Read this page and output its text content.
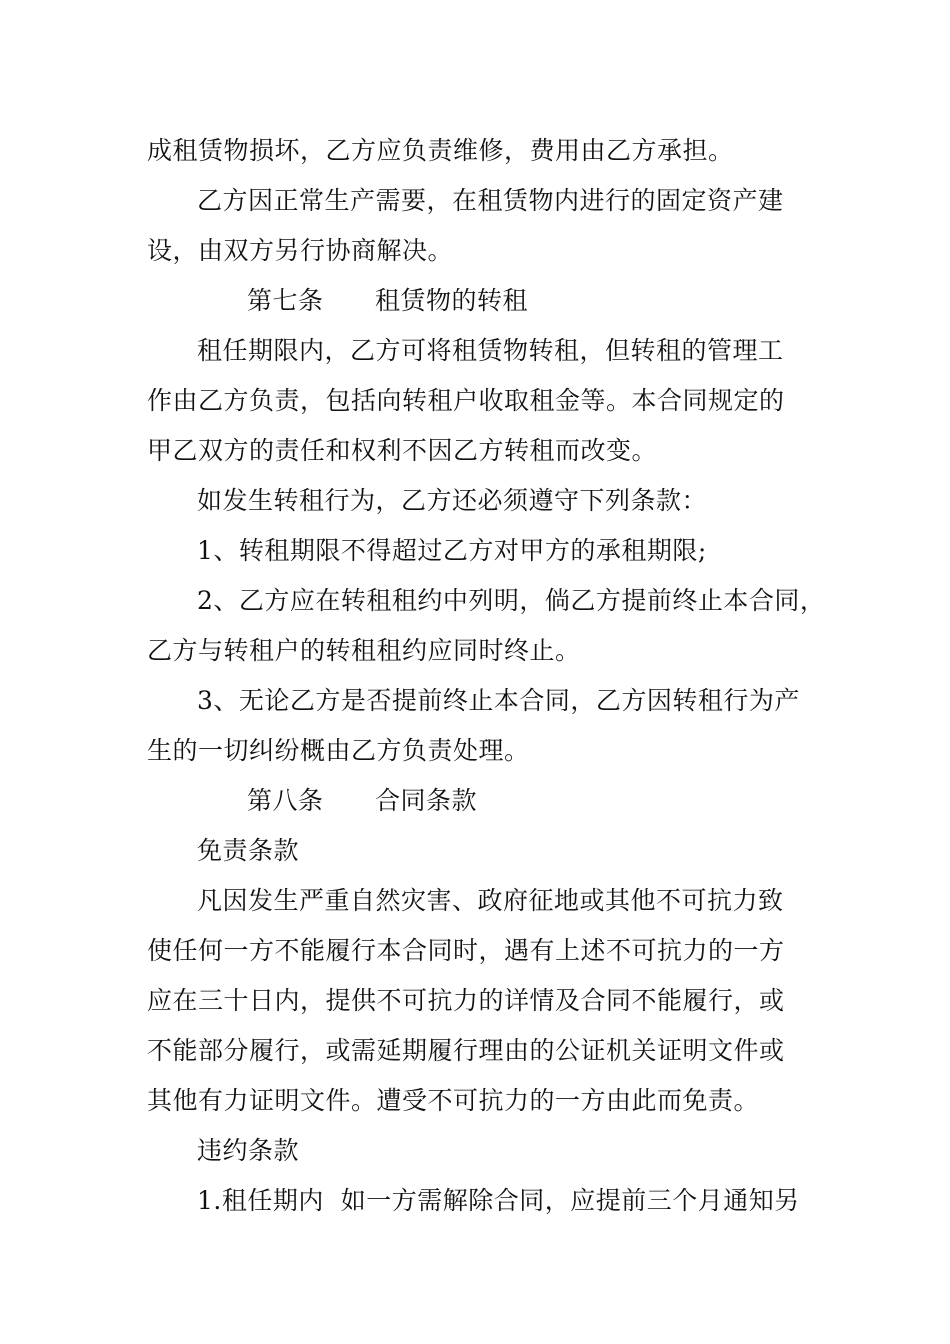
成租赁物损坏，乙方应负责维修，费用由乙方承担。
乙方因正常生产需要，在租赁物内进行的固定资产建
设，由双方另行协商解决。
第七条 租赁物的转租
租任期限内，乙方可将租赁物转租，但转租的管理工
作由乙方负责，包括向转租户收取租金等。本合同规定的
甲乙双方的责任和权利不因乙方转租而改变。
如发生转租行为，乙方还必须遵守下列条款：
1、转租期限不得超过乙方对甲方的承租期限;
2、乙方应在转租租约中列明，倘乙方提前终止本合同，
乙方与转租户的转租租约应同时终止。
3、无论乙方是否提前终止本合同，乙方因转租行为产
生的一切纠纷概由乙方负责处理。
第八条 合同条款
免责条款
凡因发生严重自然灾害、政府征地或其他不可抗力致
使任何一方不能履行本合同时，遇有上述不可抗力的一方
应在三十日内，提供不可抗力的详情及合同不能履行，或
不能部分履行，或需延期履行理由的公证机关证明文件或
其他有力证明文件。遭受不可抗力的一方由此而免责。
违约条款
1.租任期内  如一方需解除合同，应提前三个月通知另
